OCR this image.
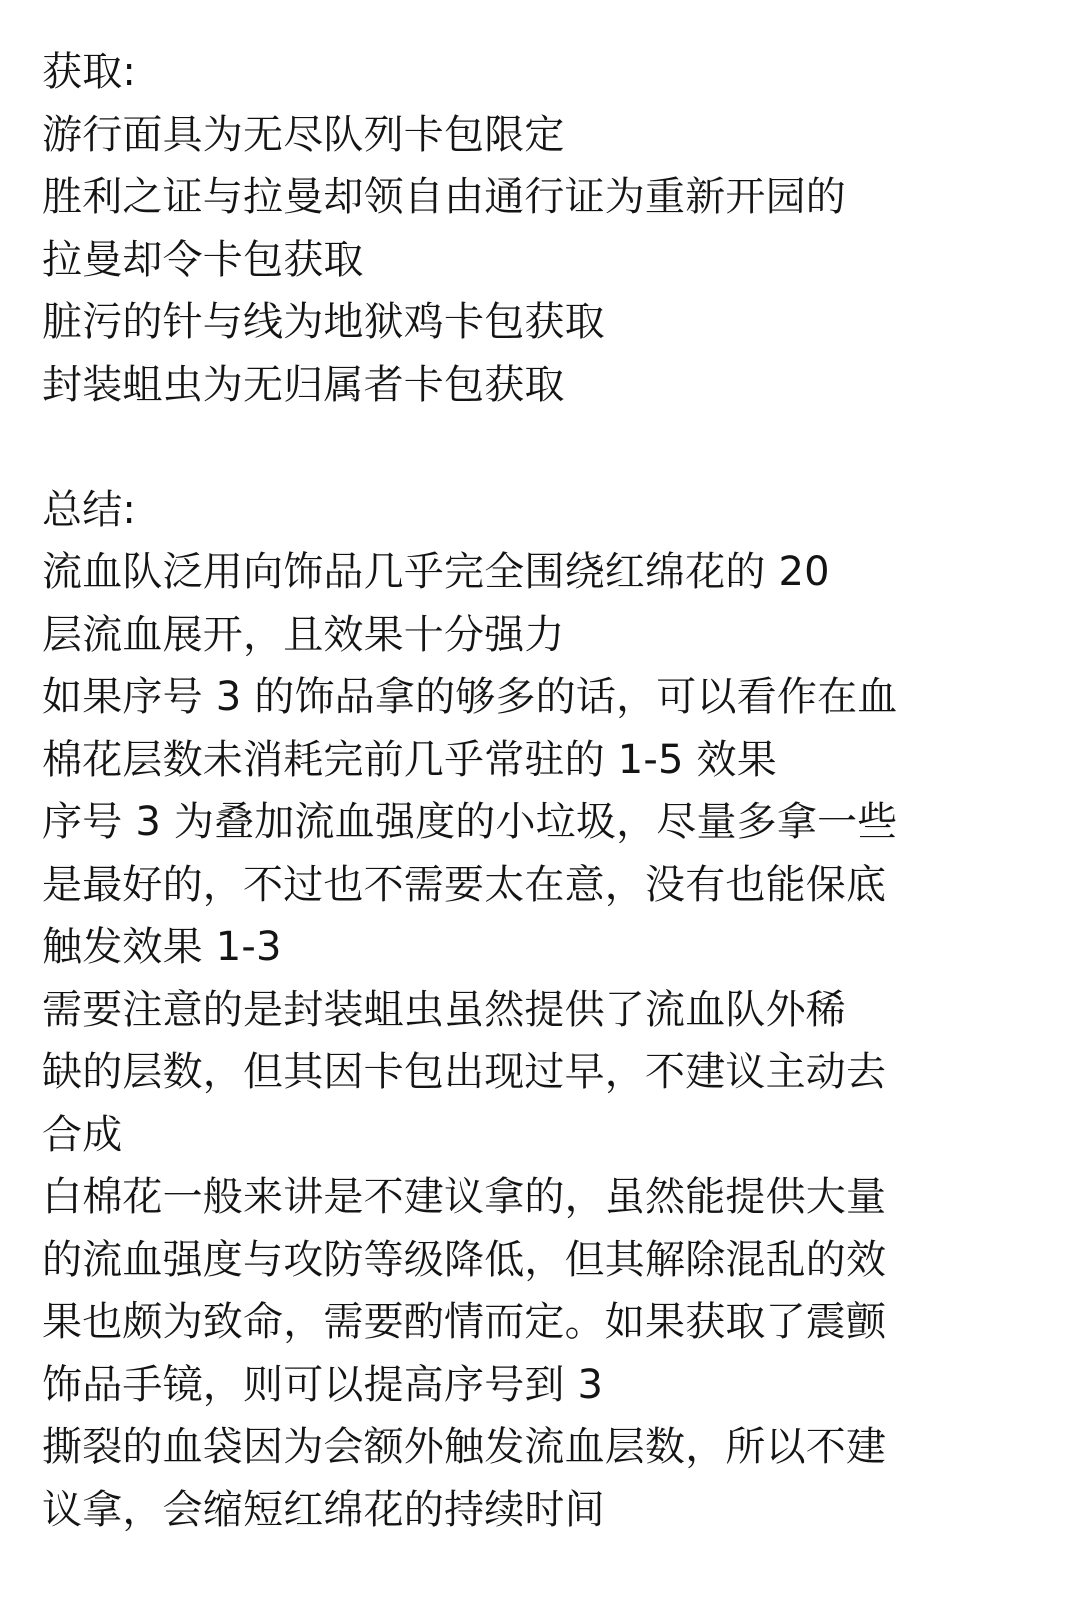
获取:
游行面具为无尽队列卡包限定
胜利之证与拉曼却领自由通行证为重新开园的
拉曼却令卡包获取
脏污的针与线为地狱鸡卡包获取
封装蛆虫为无归属者卡包获取
总结:
流血队泛用向饰品几乎完全围绕红绵花的 20
层流血展开，且效果十分强力
如果序号 3 的饰品拿的够多的话，可以看作在血
棉花层数未消耗完前几乎常驻的 1-5 效果
序号 3 为叠加流血强度的小垃圾，尽量多拿一些
是最好的，不过也不需要太在意，没有也能保底
触发效果 1-3
需要注意的是封装蛆虫虽然提供了流血队外稀
缺的层数，但其因卡包出现过早，不建议主动去
合成
白棉花一般来讲是不建议拿的，虽然能提供大量
的流血强度与攻防等级降低，但其解除混乱的效
果也颇为致命，需要酌情而定。如果获取了震颤
饰品手镜，则可以提高序号到 3
撕裂的血袋因为会额外触发流血层数，所以不建
议拿，会缩短红绵花的持续时间
